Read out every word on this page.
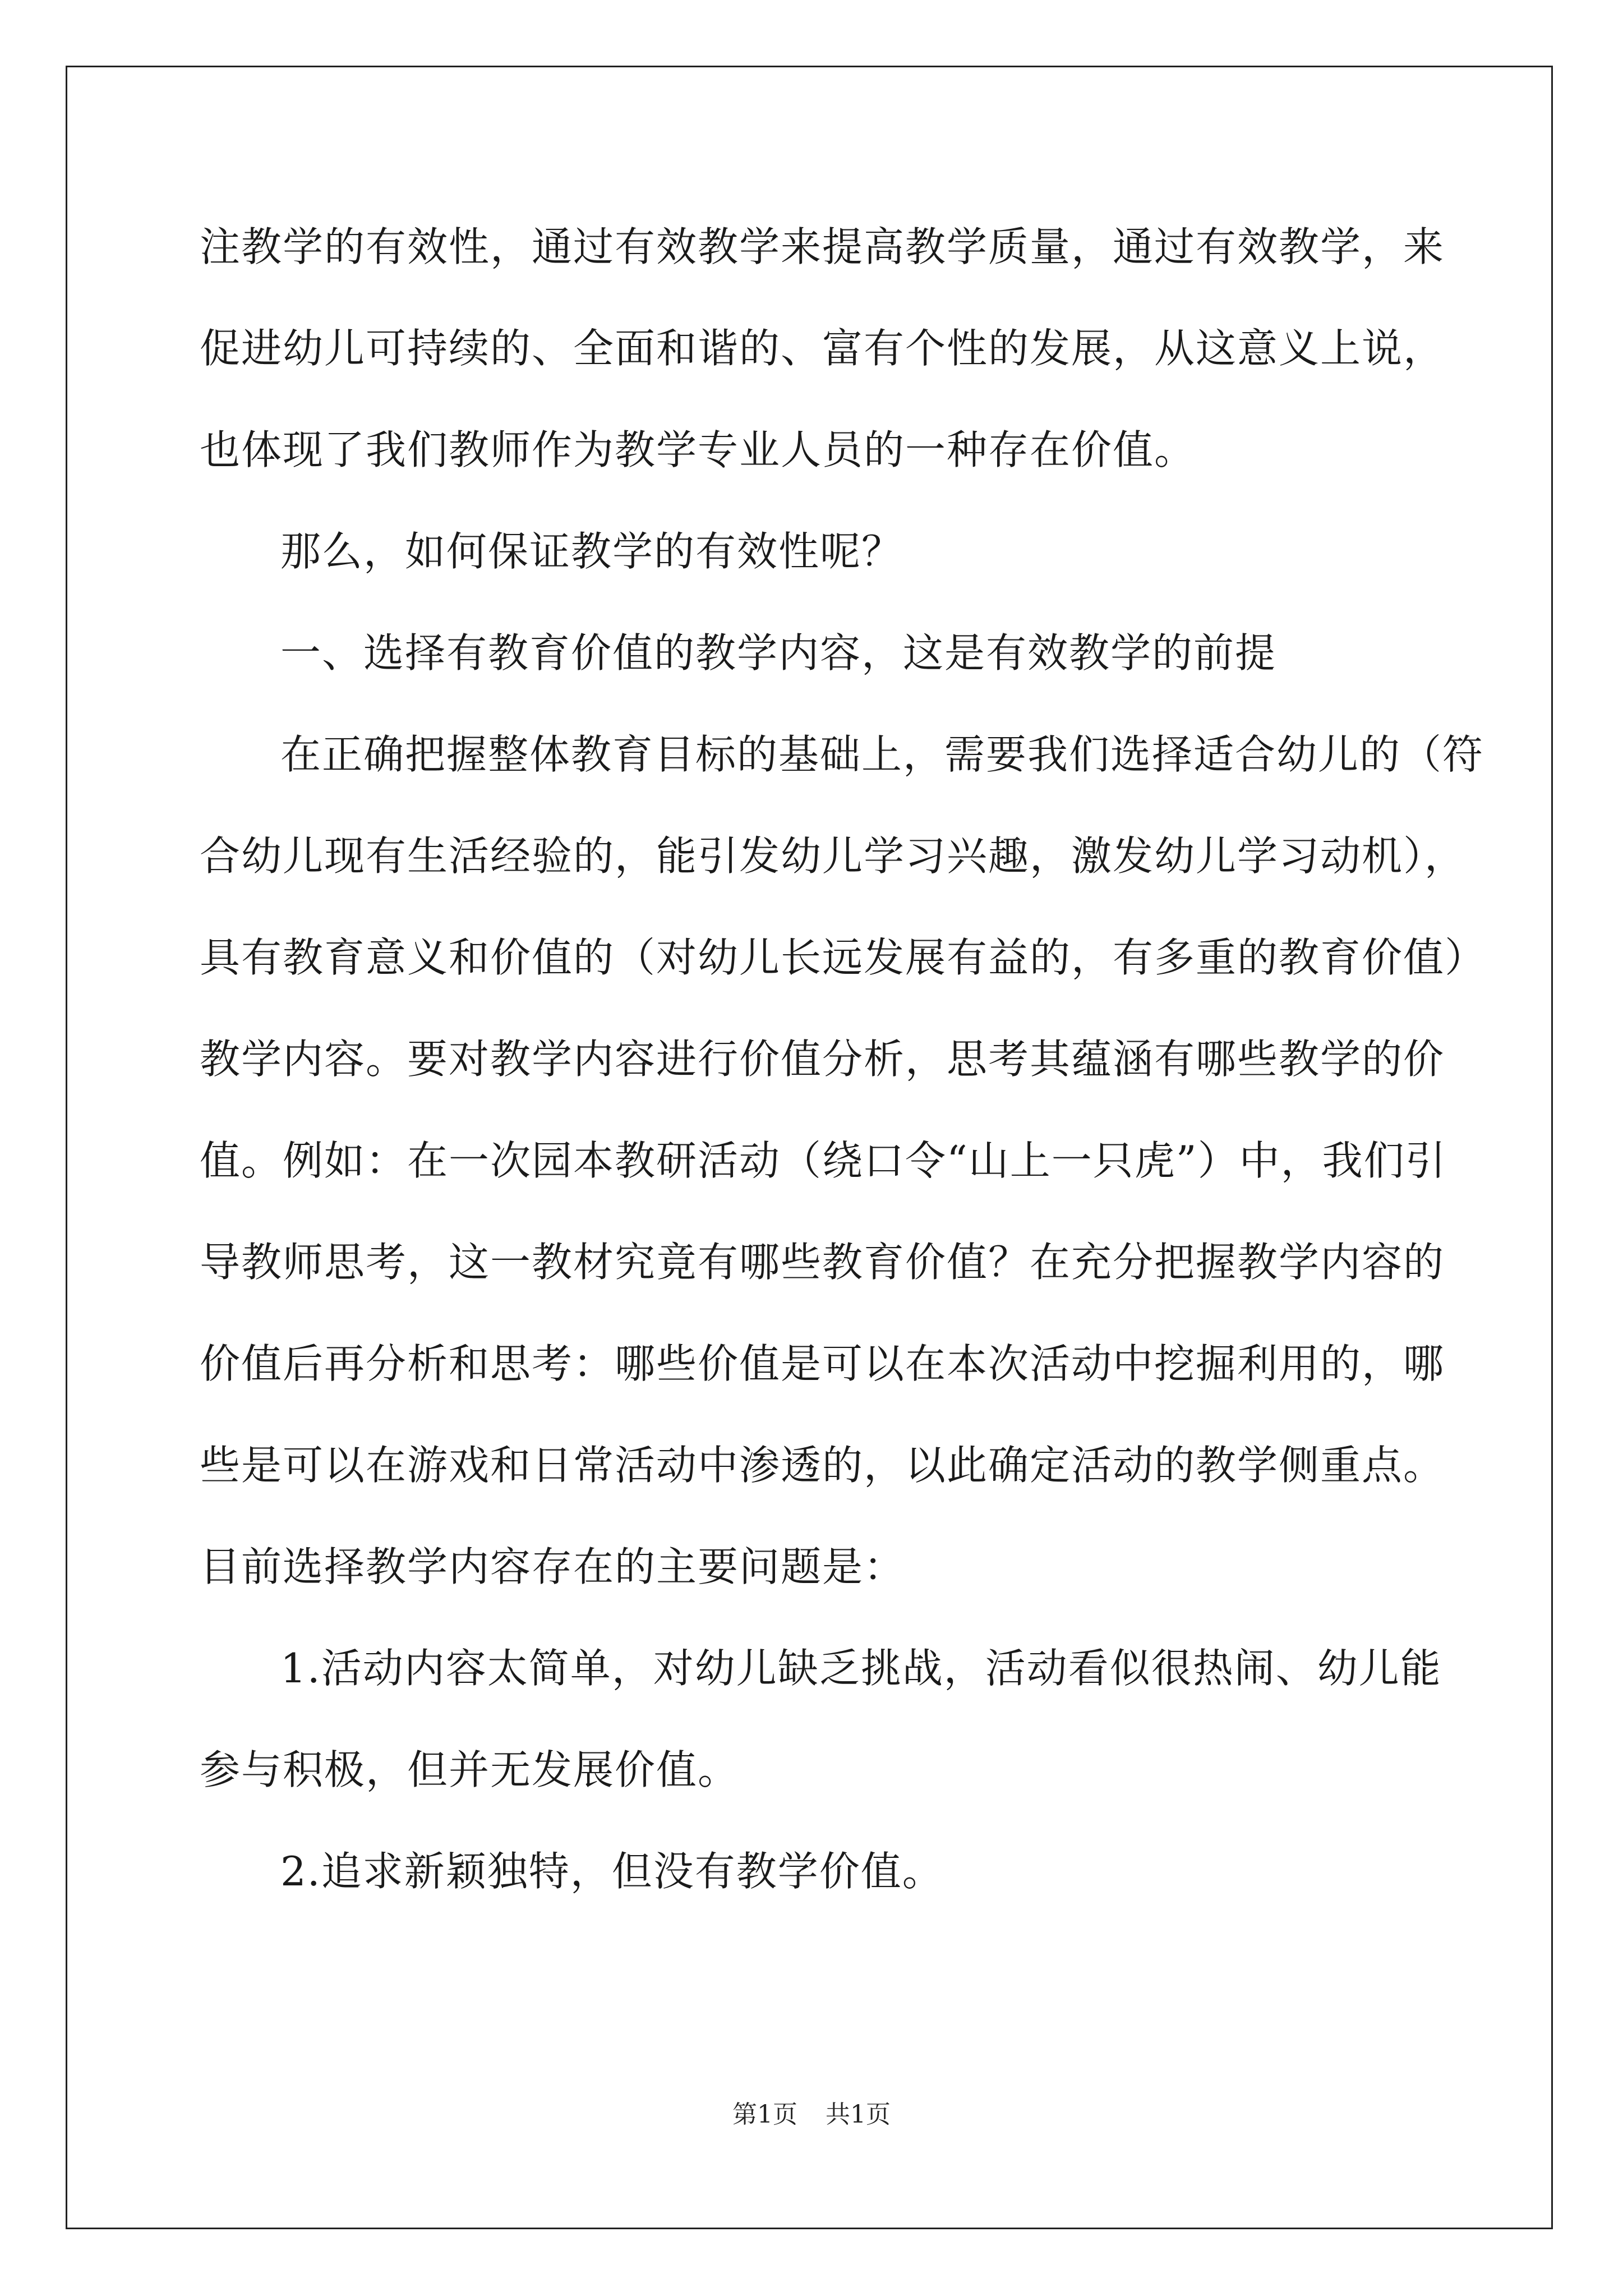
注教学的有效性，通过有效教学来提高教学质量，通过有效教学，来
促进幼儿可持续的、全面和谐的、富有个性的发展，从这意义上说，
也体现了我们教师作为教学专业人员的一种存在价值。
那么，如何保证教学的有效性呢？
一、选择有教育价值的教学内容，这是有效教学的前提
在正确把握整体教育目标的基础上，需要我们选择适合幼儿的（符
合幼儿现有生活经验的，能引发幼儿学习兴趣，激发幼儿学习动机），
具有教育意义和价值的（对幼儿长远发展有益的，有多重的教育价值）
教学内容。要对教学内容进行价值分析，思考其蕴涵有哪些教学的价
值。例如：在一次园本教研活动（绕口令“山上一只虎”）中，我们引
导教师思考，这一教材究竟有哪些教育价值？在充分把握教学内容的
价值后再分析和思考：哪些价值是可以在本次活动中挖掘利用的，哪
些是可以在游戏和日常活动中渗透的，以此确定活动的教学侧重点。
目前选择教学内容存在的主要问题是：
1.活动内容太简单，对幼儿缺乏挑战，活动看似很热闹、幼儿能
参与积极，但并无发展价值。
2.追求新颖独特，但没有教学价值。
第1页 共1页
